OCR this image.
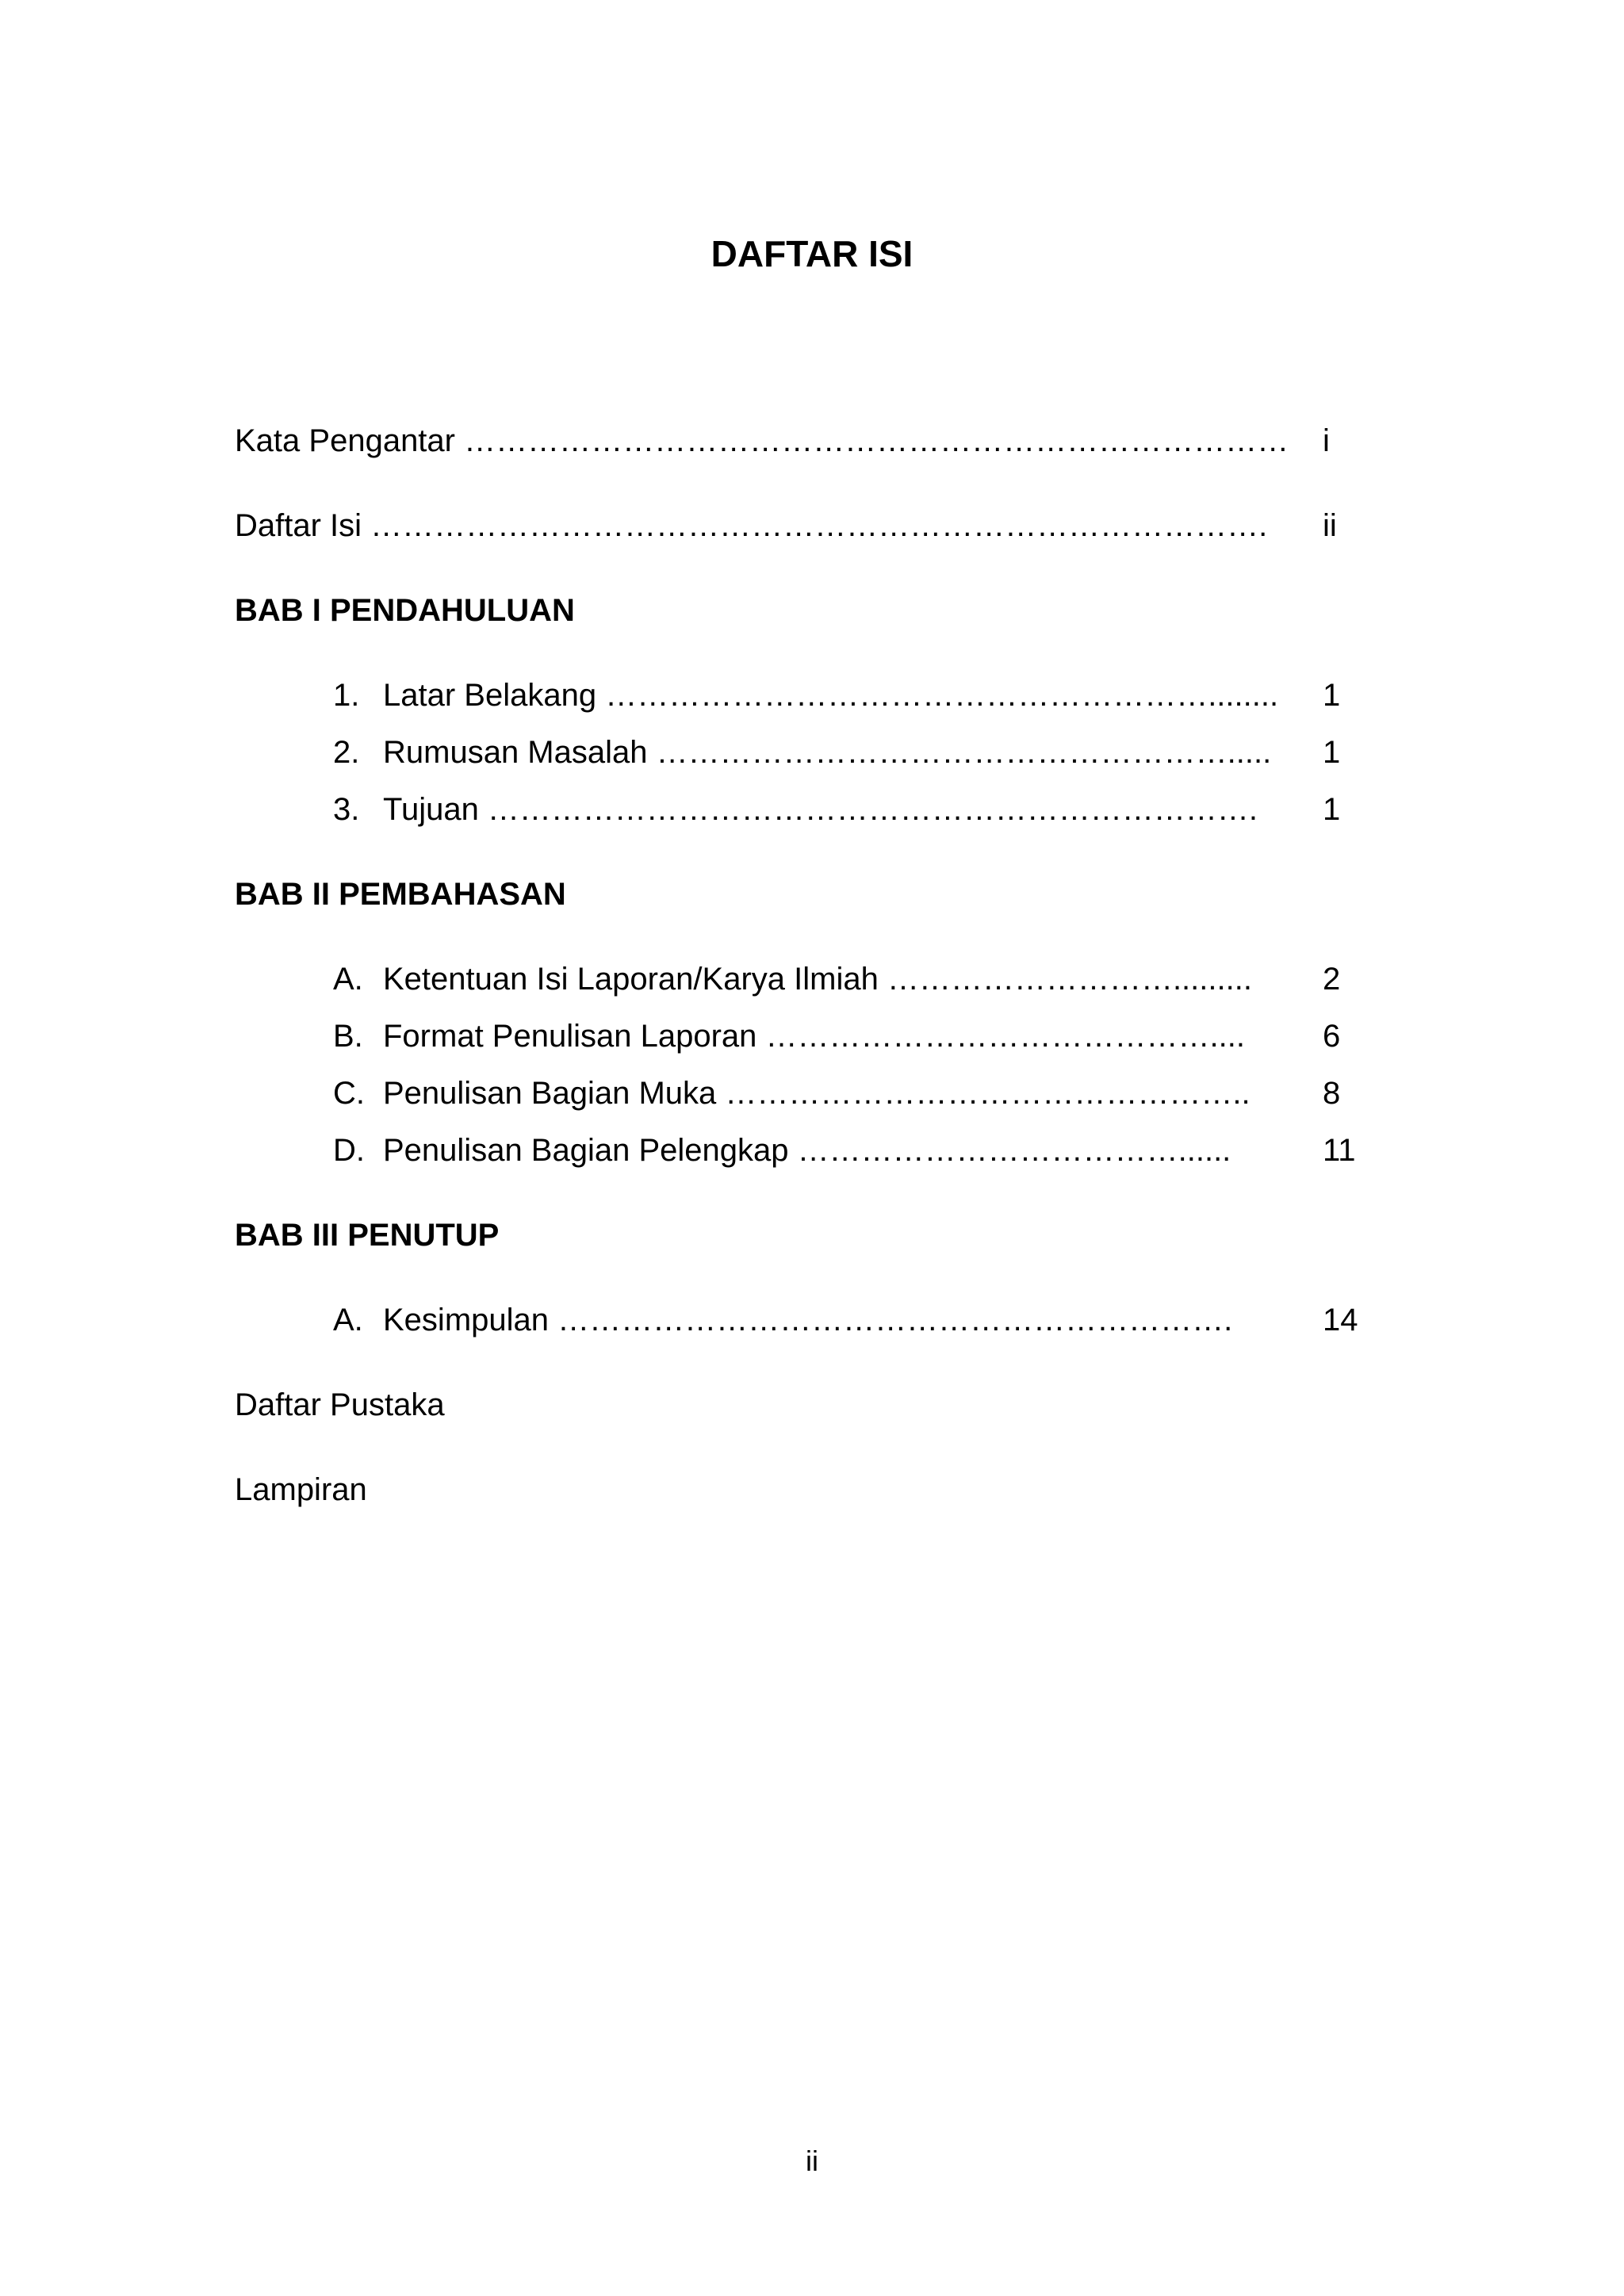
DAFTAR ISI
Kata Pengantar …………………………………………………………………… i
Daftar Isi …………………………………………………………………………. ii
BAB I PENDAHULUAN
1. Latar Belakang …………………………………………………........ 1
2. Rumusan Masalah ………………………………………………..... 1
3. Tujuan ………………………………………………………………. 1
BAB II PEMBAHASAN
A. Ketentuan Isi Laporan/Karya Ilmiah ………………………......... 2
B. Format Penulisan Laporan …………………………………….... 6
C. Penulisan Bagian Muka ………………………………………….. 8
D. Penulisan Bagian Pelengkap ………………………………......	11
BAB III PENUTUP
A. Kesimpulan ……………………………………………………….	14
Daftar Pustaka
Lampiran
ii
